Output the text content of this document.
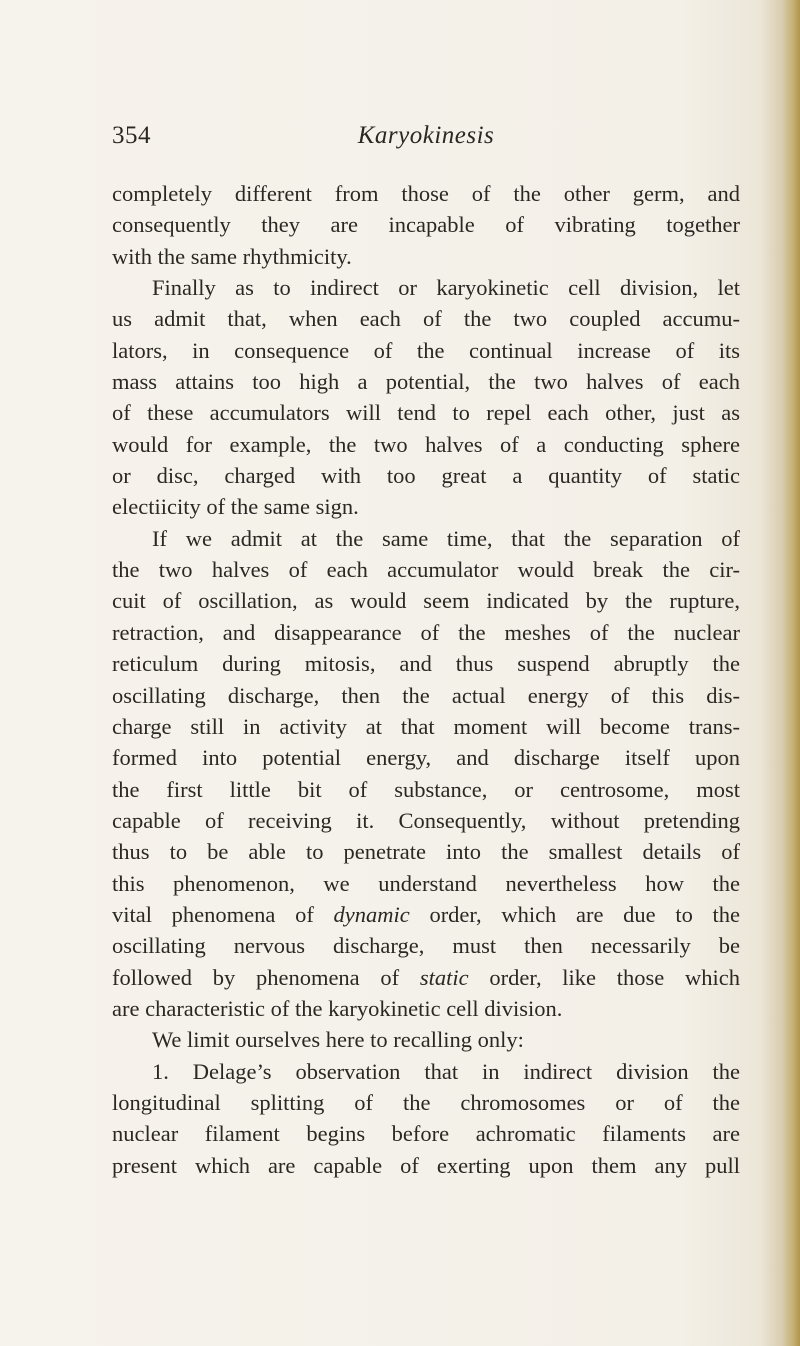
354	Karyokinesis
completely different from those of the other germ, and
consequently they are incapable of vibrating together
with the same rhythmicity.
Finally as to indirect or karyokinetic cell division, let
us admit that, when each of the two coupled accumu-
lators, in consequence of the continual increase of its
mass attains too high a potential, the two halves of each
of these accumulators will tend to repel each other, just as
would for example, the two halves of a conducting sphere
or disc, charged with too great a quantity of static
electiicity of the same sign.
If we admit at the same time, that the separation of
the two halves of each accumulator would break the cir-
cuit of oscillation, as would seem indicated by the rupture,
retraction, and disappearance of the meshes of the nuclear
reticulum during mitosis, and thus suspend abruptly the
oscillating discharge, then the actual energy of this dis-
charge still in activity at that moment will become trans-
formed into potential energy, and discharge itself upon
the first little bit of substance, or centrosome, most
capable of receiving it. Consequently, without pretending
thus to be able to penetrate into the smallest details of
this phenomenon, we understand nevertheless how the
vital phenomena of dynamic order, which are due to the
oscillating nervous discharge, must then necessarily be
followed by phenomena of static order, like those which
are characteristic of the karyokinetic cell division.
We limit ourselves here to recalling only:
1. Delage’s observation that in indirect division the
longitudinal splitting of the chromosomes or of the
nuclear filament begins before achromatic filaments are
present which are capable of exerting upon them any pull
